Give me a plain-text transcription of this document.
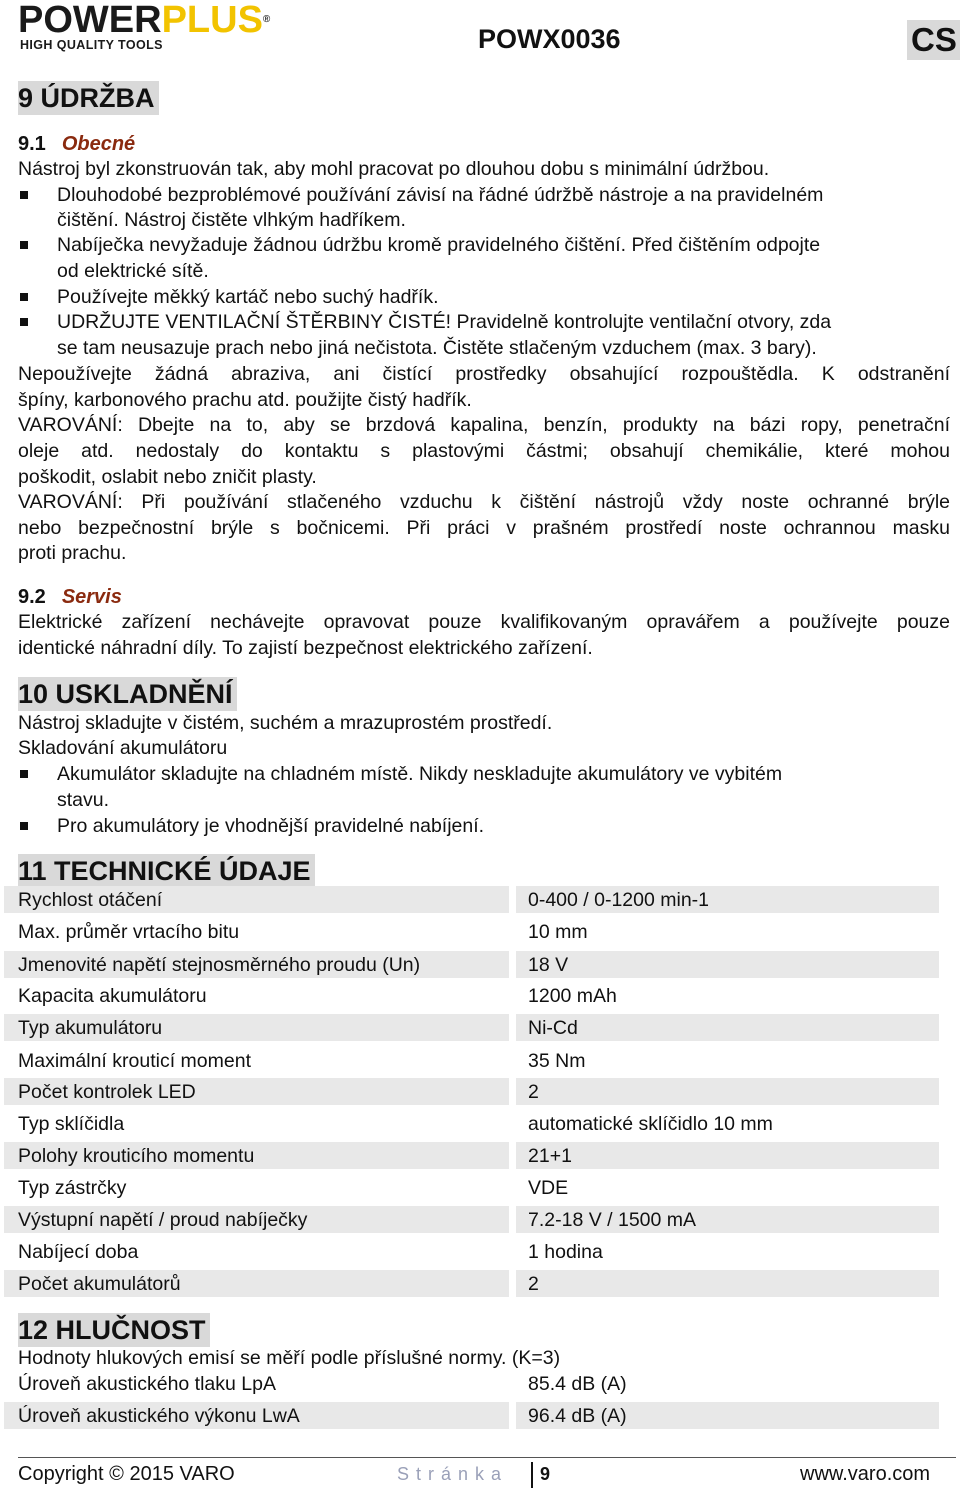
POWERPLUS®
HIGH QUALITY TOOLS	POWX0036	CS
9 ÚDRŽBA
9.1 Obecné
Nástroj byl zkonstruován tak, aby mohl pracovat po dlouhou dobu s minimální údržbou.
Dlouhodobé bezproblémové používání závisí na řádné údržbě nástroje a na pravidelném
čištění. Nástroj čistěte vlhkým hadříkem.
Nabíječka nevyžaduje žádnou údržbu kromě pravidelného čištění. Před čištěním odpojte
od elektrické sítě.
Používejte měkký kartáč nebo suchý hadřík.
UDRŽUJTE VENTILAČNÍ ŠTĚRBINY ČISTÉ! Pravidelně kontrolujte ventilační otvory, zda
se tam neusazuje prach nebo jiná nečistota. Čistěte stlačeným vzduchem (max. 3 bary).
Nepoužívejte žádná abraziva, ani čistící prostředky obsahující rozpouštědla. K odstranění
špíny, karbonového prachu atd. použijte čistý hadřík.
VAROVÁNÍ: Dbejte na to, aby se brzdová kapalina, benzín, produkty na bázi ropy, penetrační
oleje atd. nedostaly do kontaktu s plastovými částmi; obsahují chemikálie, které mohou
poškodit, oslabit nebo zničit plasty.
VAROVÁNÍ: Při používání stlačeného vzduchu k čištění nástrojů vždy noste ochranné brýle
nebo bezpečnostní brýle s bočnicemi. Při práci v prašném prostředí noste ochrannou masku
proti prachu.
9.2 Servis
Elektrické zařízení nechávejte opravovat pouze kvalifikovaným opravářem a používejte pouze
identické náhradní díly. To zajistí bezpečnost elektrického zařízení.
10 USKLADNĚNÍ
Nástroj skladujte v čistém, suchém a mrazuprostém prostředí.
Skladování akumulátoru
Akumulátor skladujte na chladném místě. Nikdy neskladujte akumulátory ve vybitém
stavu.
Pro akumulátory je vhodnější pravidelné nabíjení.
11 TECHNICKÉ ÚDAJE
Rychlost otáčení	0-400 / 0-1200 min-1
Max. průměr vrtacího bitu	10 mm
Jmenovité napětí stejnosměrného proudu (Un)	18 V
Kapacita akumulátoru	1200 mAh
Typ akumulátoru	Ni-Cd
Maximální krouticí moment	35 Nm
Počet kontrolek LED	2
Typ sklíčidla	automatické sklíčidlo 10 mm
Polohy krouticího momentu	21+1
Typ zástrčky	VDE
Výstupní napětí / proud nabíječky	7.2-18 V / 1500 mA
Nabíjecí doba	1 hodina
Počet akumulátorů	2
12 HLUČNOST
Hodnoty hlukových emisí se měří podle příslušné normy. (K=3)
Úroveň akustického tlaku LpA	85.4 dB (A)
Úroveň akustického výkonu LwA	96.4 dB (A)
Copyright © 2015 VARO	Stránka 9	www.varo.com
